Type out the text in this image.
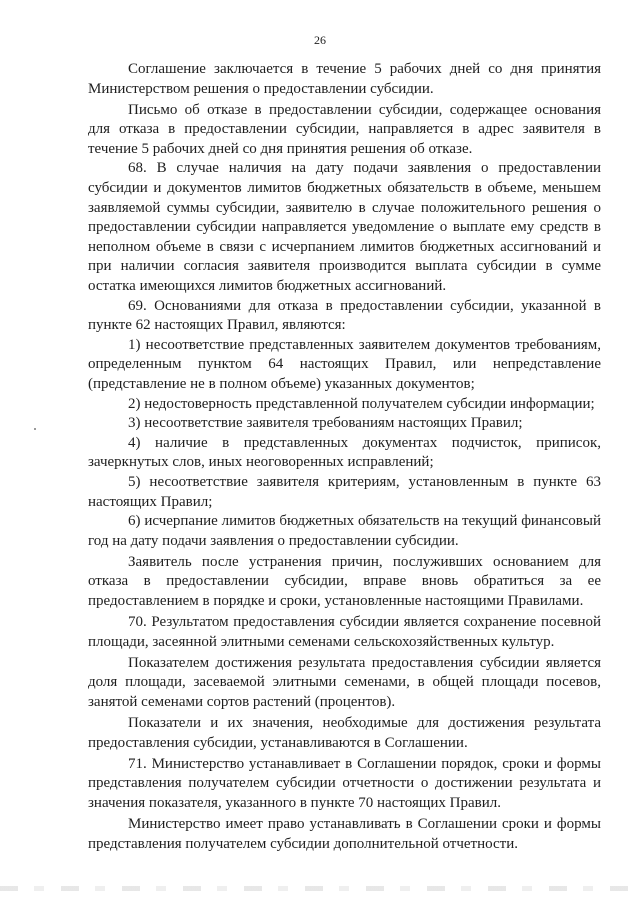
26

Соглашение заключается в течение 5 рабочих дней со дня принятия Министерством решения о предоставлении субсидии.

Письмо об отказе в предоставлении субсидии, содержащее основания для отказа в предоставлении субсидии, направляется в адрес заявителя в течение 5 рабочих дней со дня принятия решения об отказе.

68. В случае наличия на дату подачи заявления о предоставлении субсидии и документов лимитов бюджетных обязательств в объеме, меньшем заявляемой суммы субсидии, заявителю в случае положительного решения о предоставлении субсидии направляется уведомление о выплате ему средств в неполном объеме в связи с исчерпанием лимитов бюджетных ассигнований и при наличии согласия заявителя производится выплата субсидии в сумме остатка имеющихся лимитов бюджетных ассигнований.

69. Основаниями для отказа в предоставлении субсидии, указанной в пункте 62 настоящих Правил, являются:

1) несоответствие представленных заявителем документов требованиям, определенным пунктом 64 настоящих Правил, или непредставление (представление не в полном объеме) указанных документов;

2) недостоверность представленной получателем субсидии информации;

3) несоответствие заявителя требованиям настоящих Правил;

4) наличие в представленных документах подчисток, приписок, зачеркнутых слов, иных неоговоренных исправлений;

5) несоответствие заявителя критериям, установленным в пункте 63 настоящих Правил;

6) исчерпание лимитов бюджетных обязательств на текущий финансовый год на дату подачи заявления о предоставлении субсидии.

Заявитель после устранения причин, послуживших основанием для отказа в предоставлении субсидии, вправе вновь обратиться за ее предоставлением в порядке и сроки, установленные настоящими Правилами.

70. Результатом предоставления субсидии является сохранение посевной площади, засеянной элитными семенами сельскохозяйственных культур.

Показателем достижения результата предоставления субсидии является доля площади, засеваемой элитными семенами, в общей площади посевов, занятой семенами сортов растений (процентов).

Показатели и их значения, необходимые для достижения результата предоставления субсидии, устанавливаются в Соглашении.

71. Министерство устанавливает в Соглашении порядок, сроки и формы представления получателем субсидии отчетности о достижении результата и значения показателя, указанного в пункте 70 настоящих Правил.

Министерство имеет право устанавливать в Соглашении сроки и формы представления получателем субсидии дополнительной отчетности.
